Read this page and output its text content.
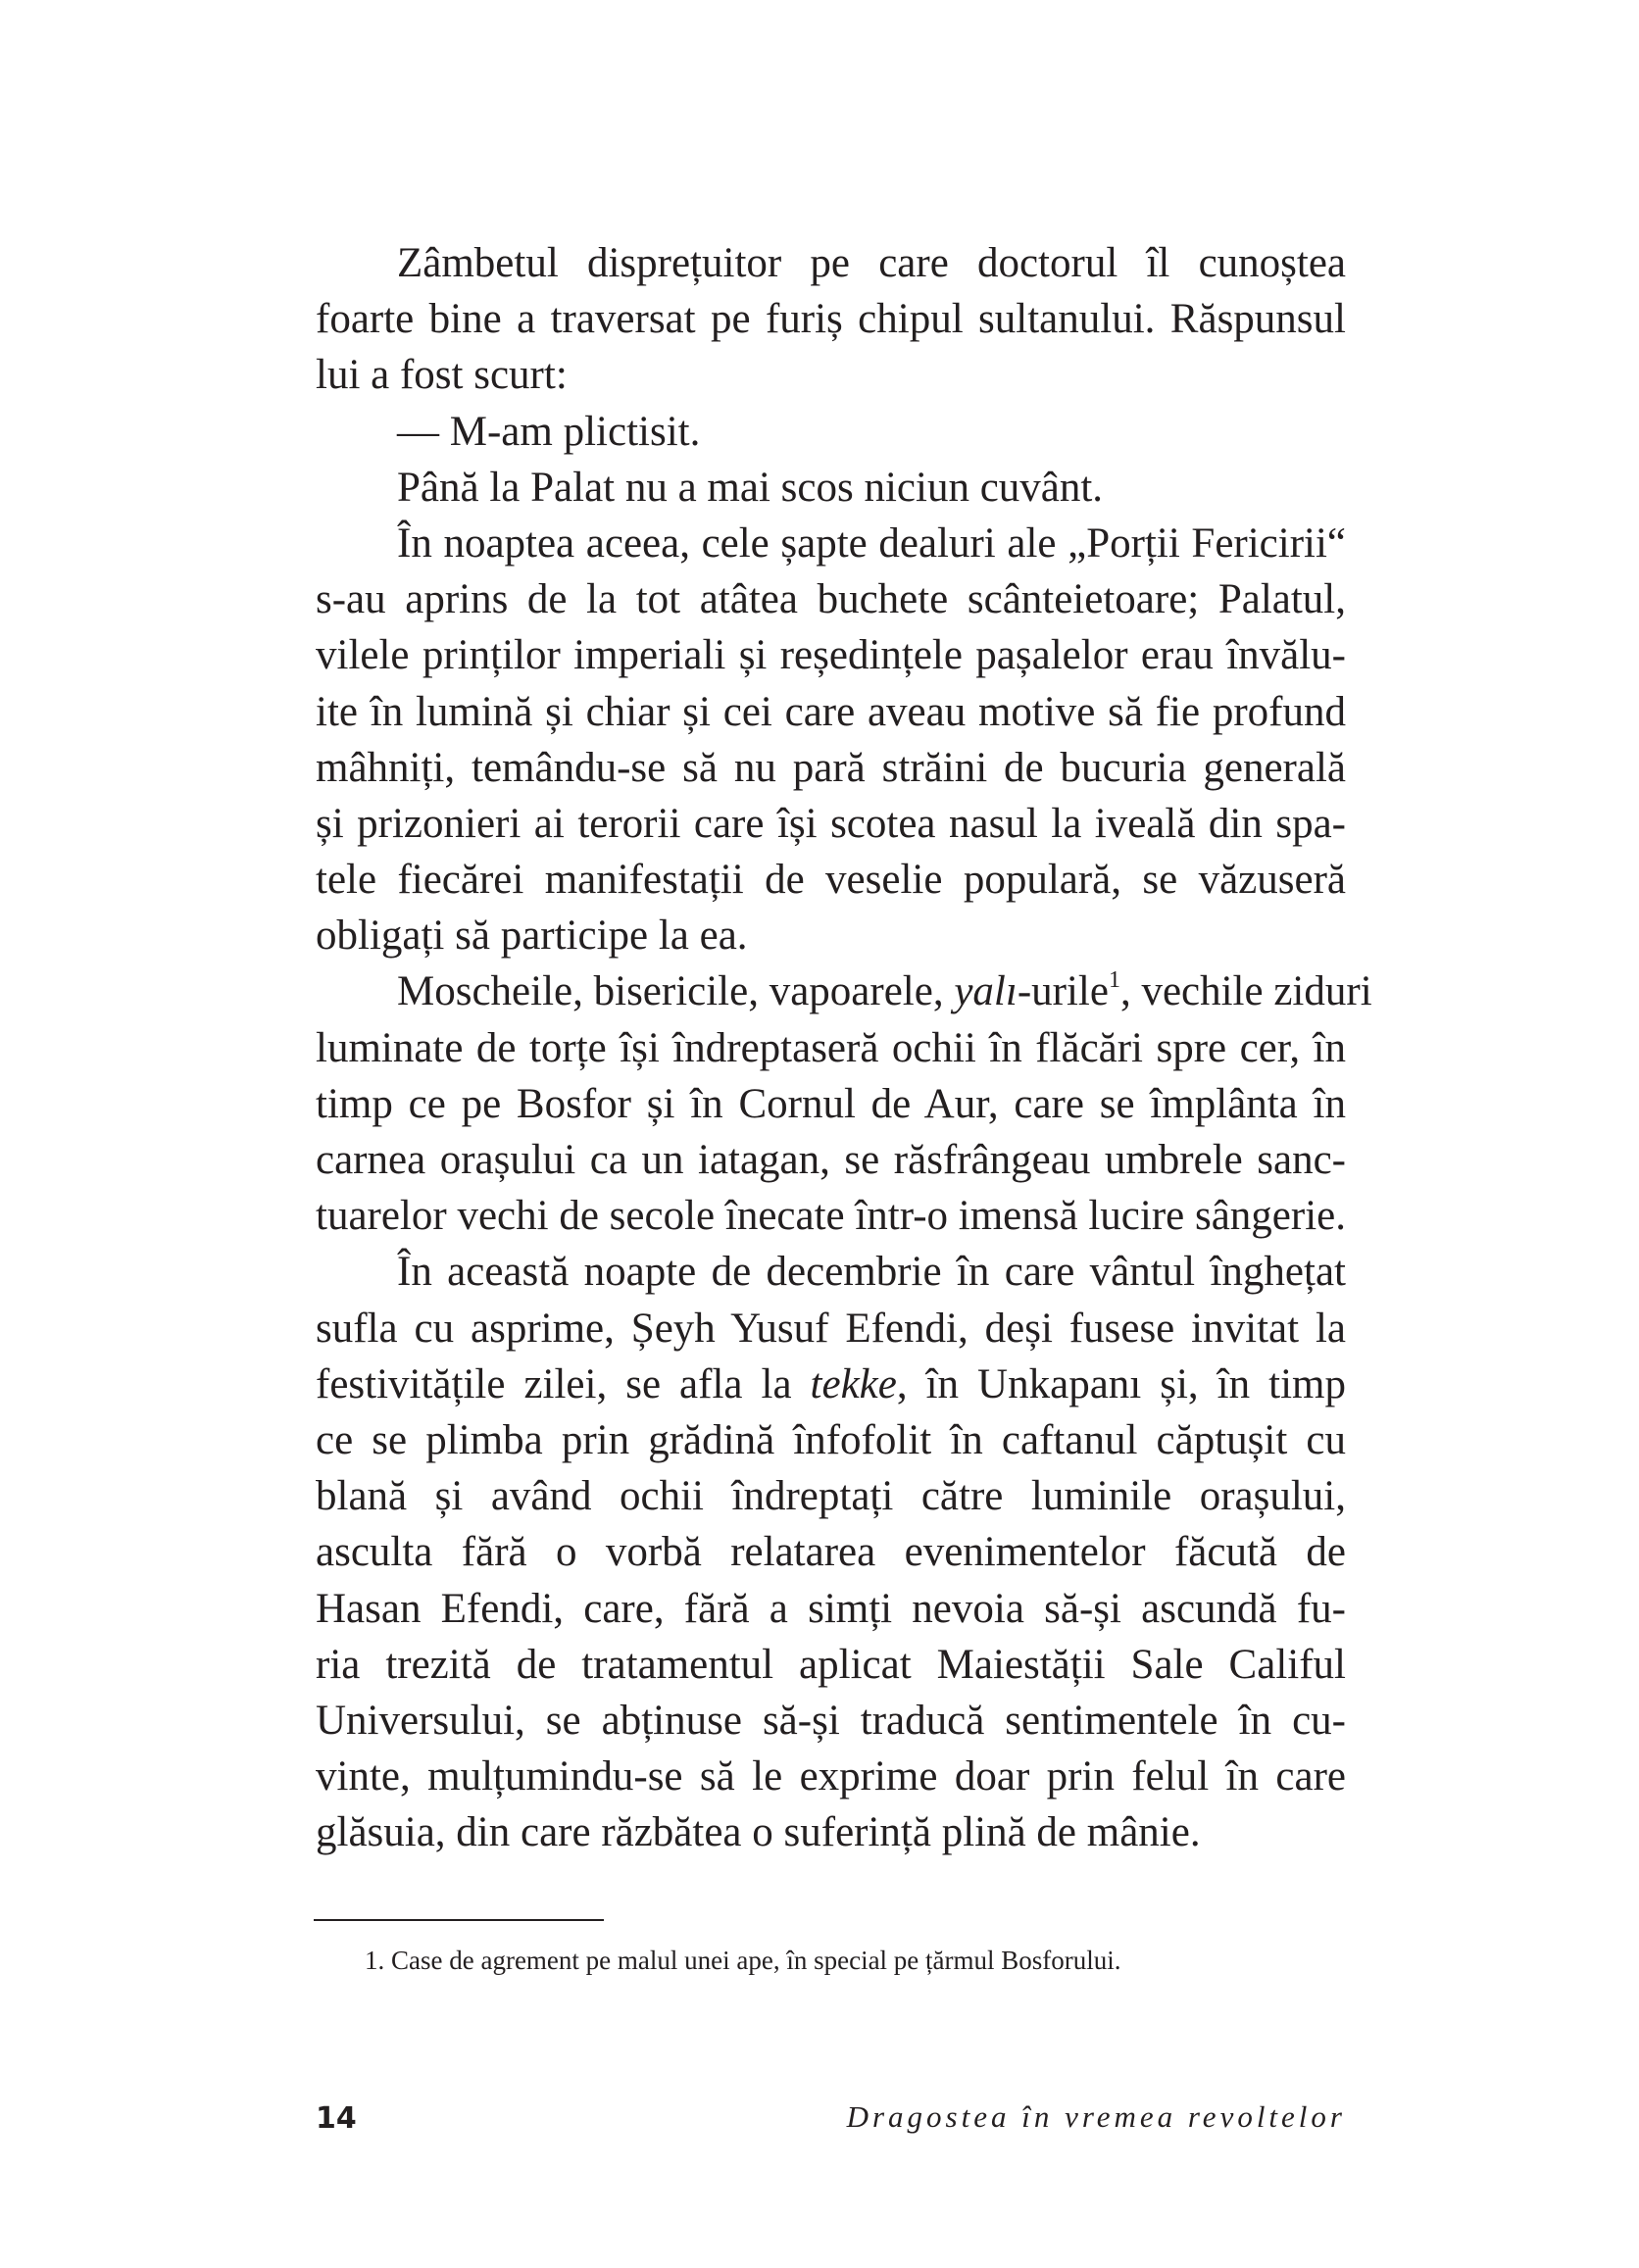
Zâmbetul disprețuitor pe care doctorul îl cunoștea
foarte bine a traversat pe furiș chipul sultanului. Răspunsul
lui a fost scurt:
— M-am plictisit.
Până la Palat nu a mai scos niciun cuvânt.
În noaptea aceea, cele șapte dealuri ale „Porții Fericirii“
s-au aprins de la tot atâtea buchete scânteietoare; Palatul,
vilele prinților imperiali și reședințele pașalelor erau învălu-
ite în lumină și chiar și cei care aveau motive să fie profund
mâhniți, temându-se să nu pară străini de bucuria generală
și prizonieri ai terorii care își scotea nasul la iveală din spa-
tele fiecărei manifestații de veselie populară, se văzuseră
obligați să participe la ea.
Moscheile, bisericile, vapoarele, yalı-urile$^1$, vechile ziduri
luminate de torțe își îndreptaseră ochii în flăcări spre cer, în
timp ce pe Bosfor și în Cornul de Aur, care se împlânta în
carnea orașului ca un iatagan, se răsfrângeau umbrele sanc-
tuarelor vechi de secole înecate într-o imensă lucire sângerie.
În această noapte de decembrie în care vântul înghețat
sufla cu asprime, Șeyh Yusuf Efendi, deși fusese invitat la
festivitățile zilei, se afla la tekke, în Unkapanı și, în timp
ce se plimba prin grădină înfofolit în caftanul căptușit cu
blană și având ochii îndreptați către luminile orașului,
asculta fără o vorbă relatarea evenimentelor făcută de
Hasan Efendi, care, fără a simți nevoia să-și ascundă fu-
ria trezită de tratamentul aplicat Maiestății Sale Califul
Universului, se abținuse să-și traducă sentimentele în cu-
vinte, mulțumindu-se să le exprime doar prin felul în care
glăsuia, din care răzbătea o suferință plină de mânie.
1. Case de agrement pe malul unei ape, în special pe țărmul Bosforului.
14	Dragostea în vremea revoltelor
